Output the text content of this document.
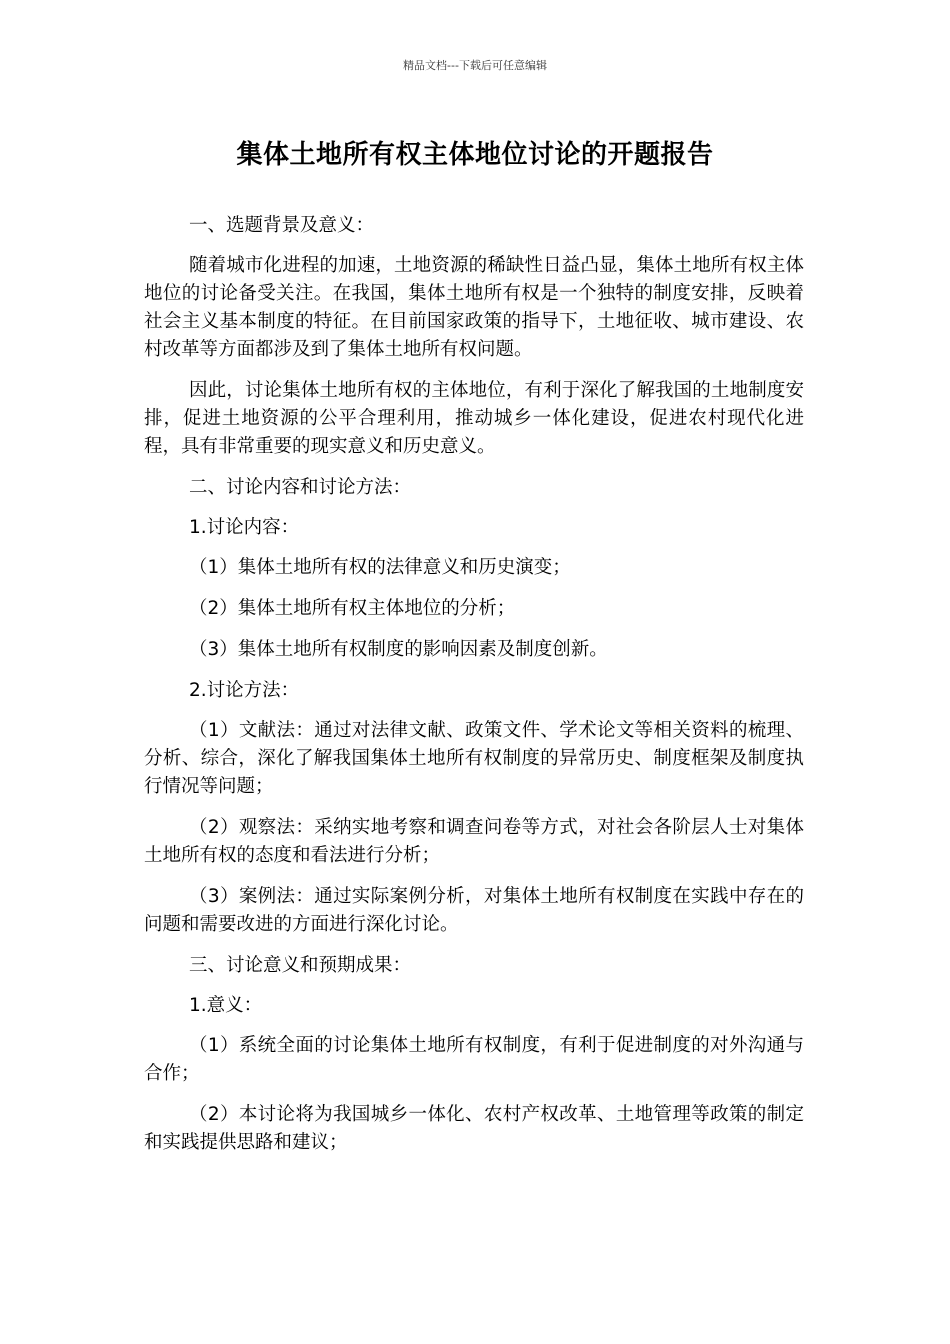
精品文档---下载后可任意编辑
集体土地所有权主体地位讨论的开题报告

一、选题背景及意义：

随着城市化进程的加速，土地资源的稀缺性日益凸显，集体土地所有权主体地位的讨论备受关注。在我国，集体土地所有权是一个独特的制度安排，反映着社会主义基本制度的特征。在目前国家政策的指导下，土地征收、城市建设、农村改革等方面都涉及到了集体土地所有权问题。

因此，讨论集体土地所有权的主体地位，有利于深化了解我国的土地制度安排，促进土地资源的公平合理利用，推动城乡一体化建设，促进农村现代化进程，具有非常重要的现实意义和历史意义。

二、讨论内容和讨论方法：

1.讨论内容：

（1）集体土地所有权的法律意义和历史演变；

（2）集体土地所有权主体地位的分析；

（3）集体土地所有权制度的影响因素及制度创新。

2.讨论方法：

（1）文献法：通过对法律文献、政策文件、学术论文等相关资料的梳理、分析、综合，深化了解我国集体土地所有权制度的异常历史、制度框架及制度执行情况等问题；

（2）观察法：采纳实地考察和调查问卷等方式，对社会各阶层人士对集体土地所有权的态度和看法进行分析；

（3）案例法：通过实际案例分析，对集体土地所有权制度在实践中存在的问题和需要改进的方面进行深化讨论。

三、讨论意义和预期成果：

1.意义：

（1）系统全面的讨论集体土地所有权制度，有利于促进制度的对外沟通与合作；

（2）本讨论将为我国城乡一体化、农村产权改革、土地管理等政策的制定和实践提供思路和建议；
